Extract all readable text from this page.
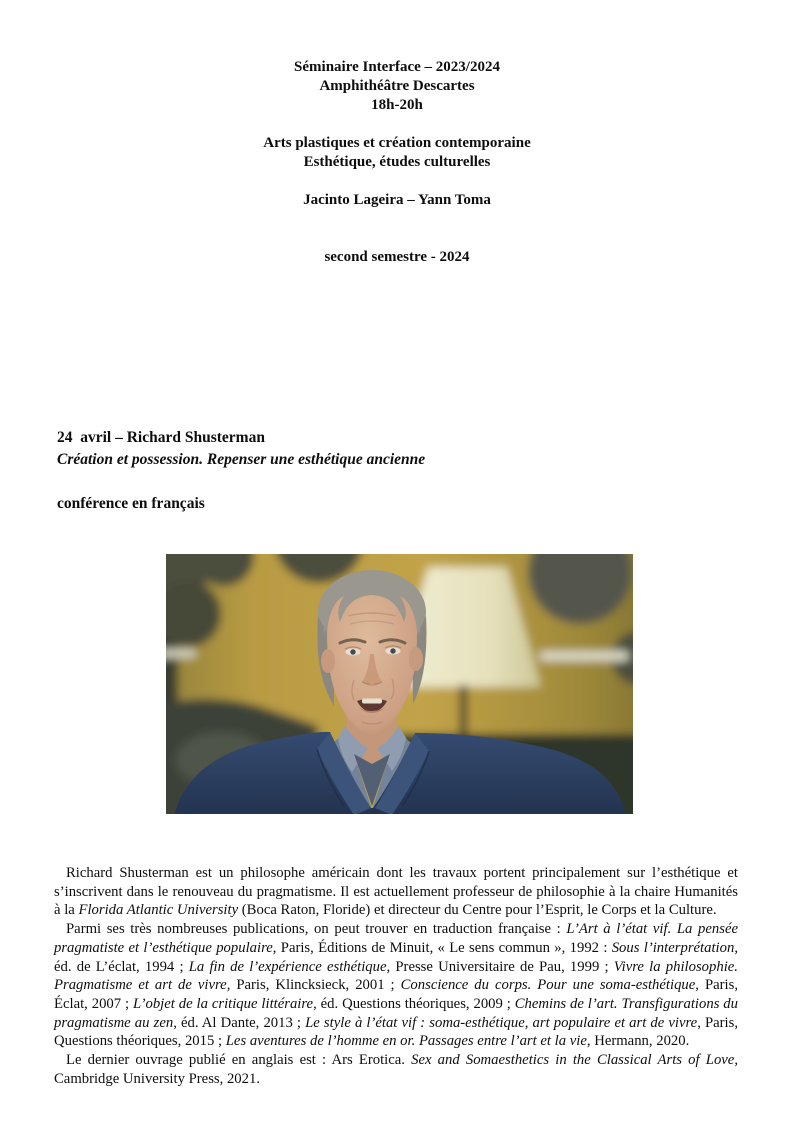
Séminaire Interface – 2023/2024
Amphithéâtre Descartes
18h-20h
Arts plastiques et création contemporaine
Esthétique, études culturelles
Jacinto Lageira – Yann Toma
second semestre - 2024
24  avril – Richard Shusterman
Création et possession. Repenser une esthétique ancienne
conférence en français

Richard Shusterman est un philosophe américain dont les travaux portent principalement sur l’esthétique et s’inscrivent dans le renouveau du pragmatisme. Il est actuellement professeur de philosophie à la chaire Humanités à la Florida Atlantic University (Boca Raton, Floride) et directeur du Centre pour l’Esprit, le Corps et la Culture.

Parmi ses très nombreuses publications, on peut trouver en traduction française : L’Art à l’état vif. La pensée pragmatiste et l’esthétique populaire, Paris, Éditions de Minuit, « Le sens commun », 1992 : Sous l’interprétation, éd. de L’éclat, 1994 ; La fin de l’expérience esthétique, Presse Universitaire de Pau, 1999 ; Vivre la philosophie. Pragmatisme et art de vivre, Paris, Klincksieck, 2001 ; Conscience du corps. Pour une soma-esthétique, Paris, Éclat, 2007 ; L’objet de la critique littéraire, éd. Questions théoriques, 2009 ; Chemins de l’art. Transfigurations du pragmatisme au zen, éd. Al Dante, 2013 ; Le style à l’état vif : soma-esthétique, art populaire et art de vivre, Paris, Questions théoriques, 2015 ; Les aventures de l’homme en or. Passages entre l’art et la vie, Hermann, 2020.

Le dernier ouvrage publié en anglais est : Ars Erotica. Sex and Somaesthetics in the Classical Arts of Love, Cambridge University Press, 2021.
